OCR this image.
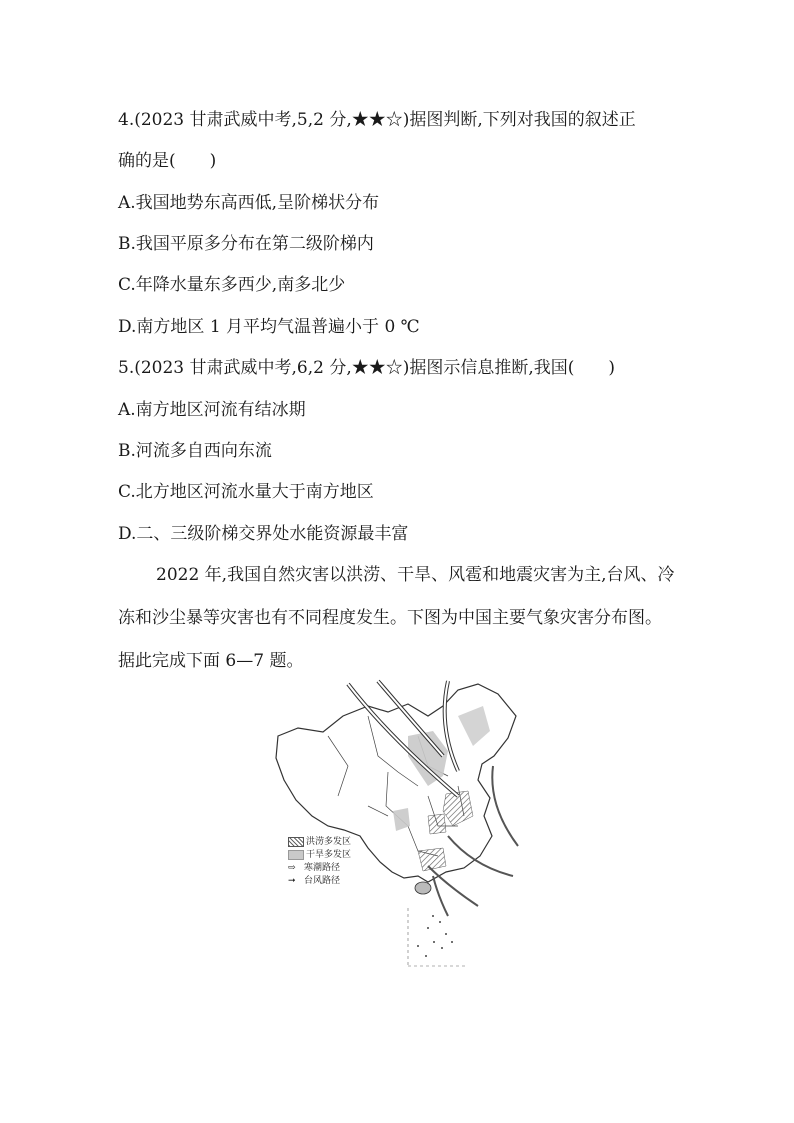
4.(2023 甘肃武威中考,5,2 分,★★☆)据图判断,下列对我国的叙述正
确的是(　　)
A.我国地势东高西低,呈阶梯状分布
B.我国平原多分布在第二级阶梯内
C.年降水量东多西少,南多北少
D.南方地区 1 月平均气温普遍小于 0 ℃
5.(2023 甘肃武威中考,6,2 分,★★☆)据图示信息推断,我国(　　)
A.南方地区河流有结冰期
B.河流多自西向东流
C.北方地区河流水量大于南方地区
D.二、三级阶梯交界处水能资源最丰富
2022 年,我国自然灾害以洪涝、干旱、风雹和地震灾害为主,台风、冷冻和沙尘暴等灾害也有不同程度发生。下图为中国主要气象灾害分布图。据此完成下面 6—7 题。
洪涝多发区
干旱多发区
⇨ 寒潮路径
➞ 台风路径
